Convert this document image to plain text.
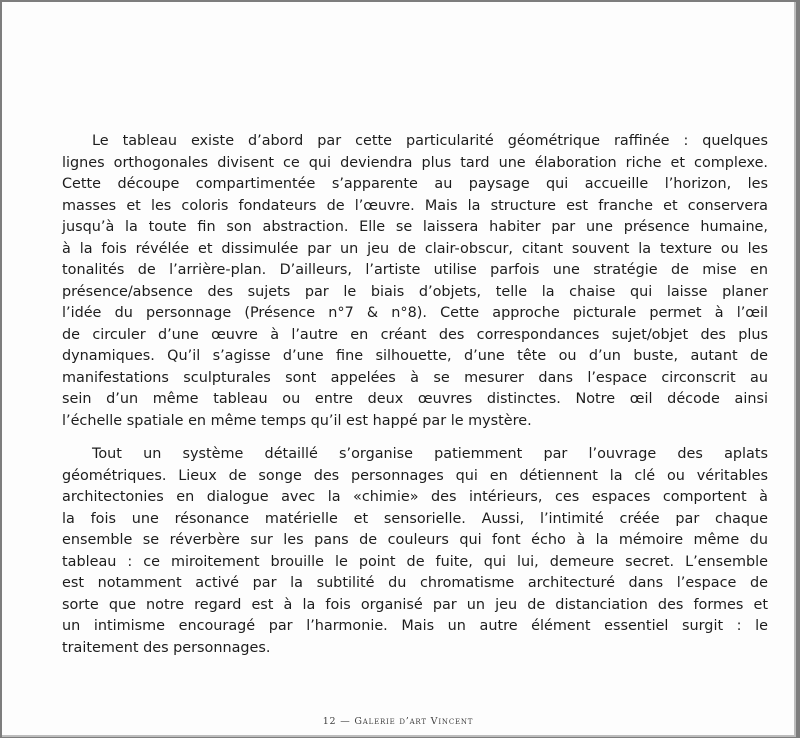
Le tableau existe d’abord par cette particularité géométrique raffinée : quelques
lignes orthogonales divisent ce qui deviendra plus tard une élaboration riche et complexe.
Cette découpe compartimentée s’apparente au paysage qui accueille l’horizon, les
masses et les coloris fondateurs de l’œuvre. Mais la structure est franche et conservera
jusqu’à la toute fin son abstraction. Elle se laissera habiter par une présence humaine,
à la fois révélée et dissimulée par un jeu de clair-obscur, citant souvent la texture ou les
tonalités de l’arrière-plan. D’ailleurs, l’artiste utilise parfois une stratégie de mise en
présence/absence des sujets par le biais d’objets, telle la chaise qui laisse planer
l’idée du personnage (Présence n°7 & n°8). Cette approche picturale permet à l’œil
de circuler d’une œuvre à l’autre en créant des correspondances sujet/objet des plus
dynamiques. Qu’il s’agisse d’une fine silhouette, d’une tête ou d’un buste, autant de
manifestations sculpturales sont appelées à se mesurer dans l’espace circonscrit au
sein d’un même tableau ou entre deux œuvres distinctes. Notre œil décode ainsi
l’échelle spatiale en même temps qu’il est happé par le mystère.

Tout un système détaillé s’organise patiemment par l’ouvrage des aplats
géométriques. Lieux de songe des personnages qui en détiennent la clé ou véritables
architectonies en dialogue avec la «chimie» des intérieurs, ces espaces comportent à
la fois une résonance matérielle et sensorielle. Aussi, l’intimité créée par chaque
ensemble se réverbère sur les pans de couleurs qui font écho à la mémoire même du
tableau : ce miroitement brouille le point de fuite, qui lui, demeure secret. L’ensemble
est notamment activé par la subtilité du chromatisme architecturé dans l’espace de
sorte que notre regard est à la fois organisé par un jeu de distanciation des formes et
un intimisme encouragé par l’harmonie. Mais un autre élément essentiel surgit : le
traitement des personnages.

12 — Galerie d’art Vincent
